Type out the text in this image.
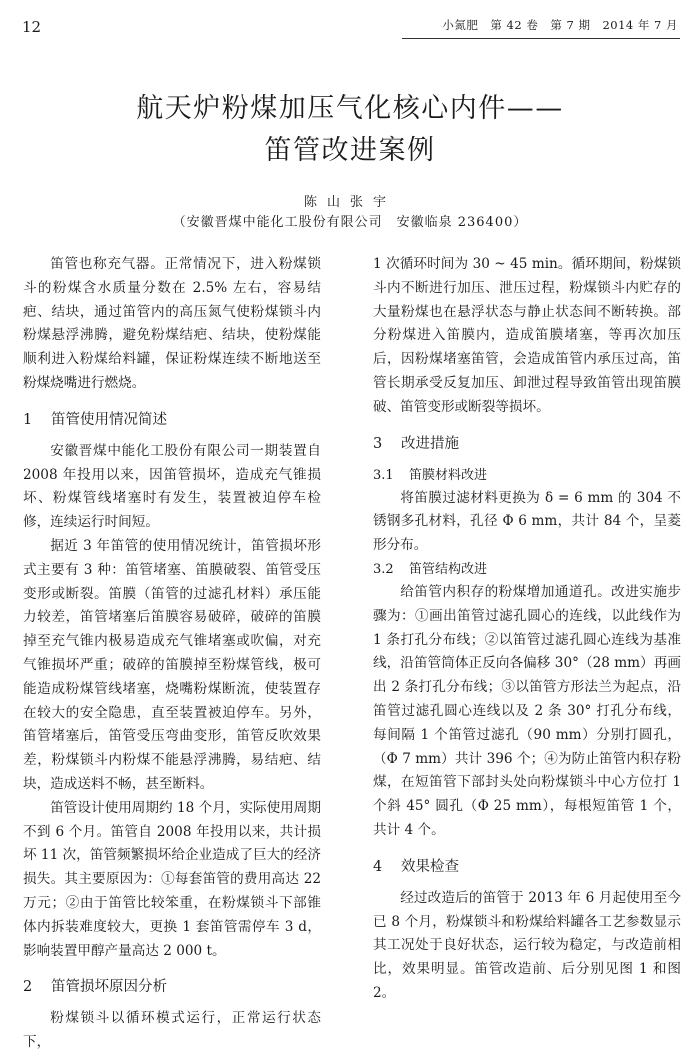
12	小氮肥　第 42 卷　第 7 期　2014 年 7 月
航天炉粉煤加压气化核心内件——
笛管改进案例
陈山张宇
（安徽晋煤中能化工股份有限公司　安徽临泉 236400）

笛管也称充气器。正常情况下，进入粉煤锁斗的粉煤含水质量分数在 2.5% 左右，容易结疤、结块，通过笛管内的高压氮气使粉煤锁斗内粉煤悬浮沸腾，避免粉煤结疤、结块，使粉煤能顺利进入粉煤给料罐，保证粉煤连续不断地送至粉煤烧嘴进行燃烧。

1 笛管使用情况简述

安徽晋煤中能化工股份有限公司一期装置自 2008 年投用以来，因笛管损坏，造成充气锥损坏、粉煤管线堵塞时有发生，装置被迫停车检修，连续运行时间短。

据近 3 年笛管的使用情况统计，笛管损坏形式主要有 3 种：笛管堵塞、笛膜破裂、笛管受压变形或断裂。笛膜（笛管的过滤孔材料）承压能力较差，笛管堵塞后笛膜容易破碎，破碎的笛膜掉至充气锥内极易造成充气锥堵塞或吹偏，对充气锥损坏严重；破碎的笛膜掉至粉煤管线，极可能造成粉煤管线堵塞，烧嘴粉煤断流，使装置存在较大的安全隐患，直至装置被迫停车。另外，笛管堵塞后，笛管受压弯曲变形，笛管反吹效果差，粉煤锁斗内粉煤不能悬浮沸腾，易结疤、结块，造成送料不畅，甚至断料。

笛管设计使用周期约 18 个月，实际使用周期不到 6 个月。笛管自 2008 年投用以来，共计损坏 11 次，笛管频繁损坏给企业造成了巨大的经济损失。其主要原因为：①每套笛管的费用高达 22 万元；②由于笛管比较笨重，在粉煤锁斗下部锥体内拆装难度较大，更换 1 套笛管需停车 3 d，影响装置甲醇产量高达 2 000 t。

2 笛管损坏原因分析

粉煤锁斗以循环模式运行，正常运行状态下，

1 次循环时间为 30 ~ 45 min。循环期间，粉煤锁斗内不断进行加压、泄压过程，粉煤锁斗内贮存的大量粉煤也在悬浮状态与静止状态间不断转换。部分粉煤进入笛膜内，造成笛膜堵塞，等再次加压后，因粉煤堵塞笛管，会造成笛管内承压过高，笛管长期承受反复加压、卸泄过程导致笛管出现笛膜破、笛管变形或断裂等损坏。

3 改进措施
3.1 笛膜材料改进

将笛膜过滤材料更换为 δ = 6 mm 的 304 不锈钢多孔材料，孔径 Φ 6 mm，共计 84 个，呈菱形分布。

3.2 笛管结构改进

给笛管内积存的粉煤增加通道孔。改进实施步骤为：①画出笛管过滤孔圆心的连线，以此线作为 1 条打孔分布线；②以笛管过滤孔圆心连线为基准线，沿笛管筒体正反向各偏移 30°（28 mm）再画出 2 条打孔分布线；③以笛管方形法兰为起点，沿笛管过滤孔圆心连线以及 2 条 30° 打孔分布线，每间隔 1 个笛管过滤孔（90 mm）分别打圆孔，（Φ 7 mm）共计 396 个；④为防止笛管内积存粉煤，在短笛管下部封头处向粉煤锁斗中心方位打 1 个斜 45° 圆孔（Φ 25 mm），每根短笛管 1 个，共计 4 个。

4 效果检查

经过改造后的笛管于 2013 年 6 月起使用至今已 8 个月，粉煤锁斗和粉煤给料罐各工艺参数显示其工况处于良好状态，运行较为稳定，与改造前相比，效果明显。笛管改造前、后分别见图 1 和图 2。
